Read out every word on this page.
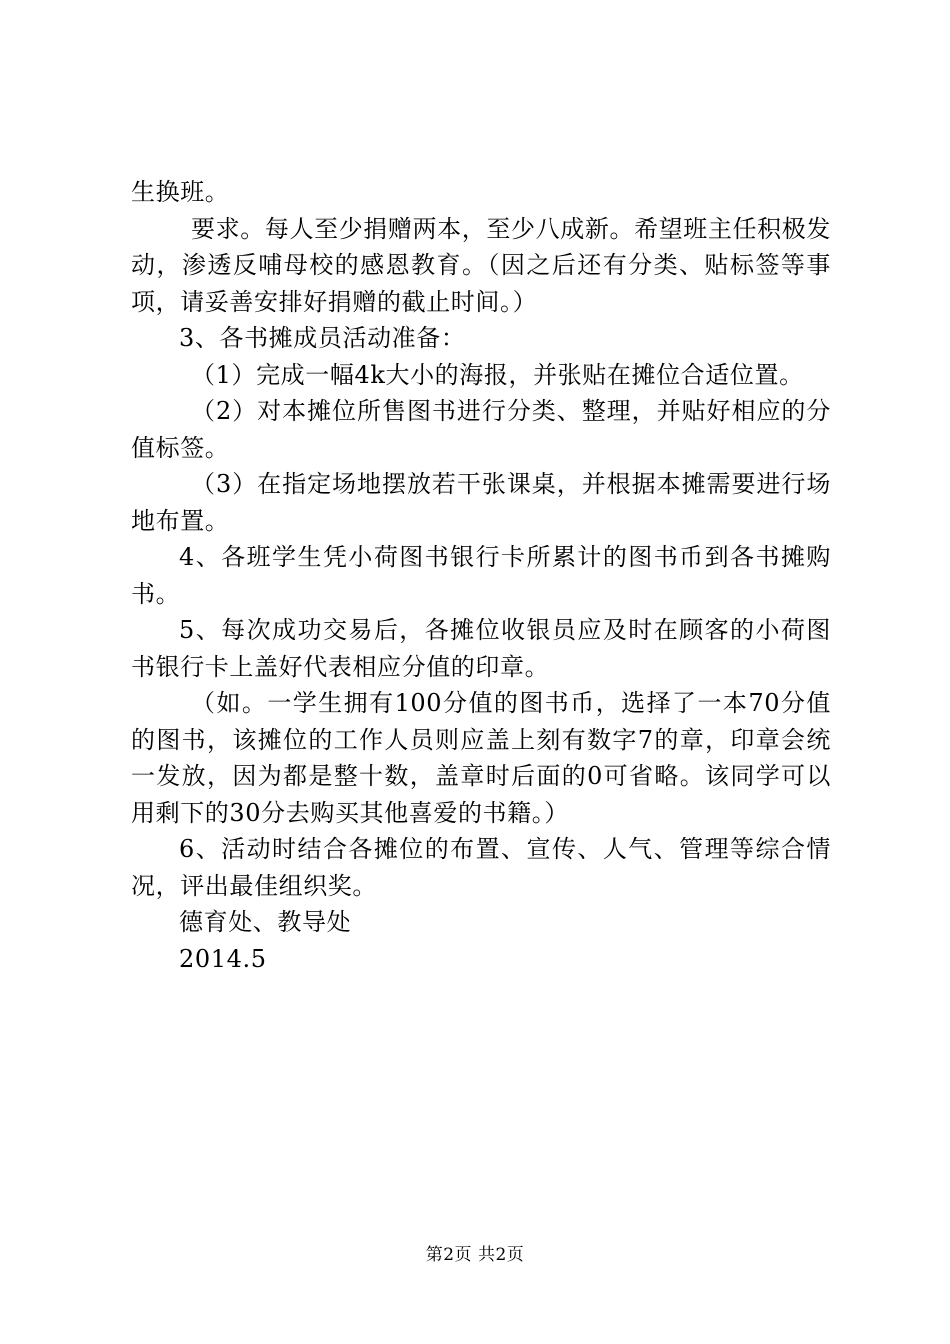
生换班。

要求。每人至少捐赠两本，至少八成新。希望班主任积极发动，渗透反哺母校的感恩教育。（因之后还有分类、贴标签等事项，请妥善安排好捐赠的截止时间。）

3、各书摊成员活动准备：

（1）完成一幅4k大小的海报，并张贴在摊位合适位置。

（2）对本摊位所售图书进行分类、整理，并贴好相应的分值标签。

（3）在指定场地摆放若干张课桌，并根据本摊需要进行场地布置。

4、各班学生凭小荷图书银行卡所累计的图书币到各书摊购书。

5、每次成功交易后，各摊位收银员应及时在顾客的小荷图书银行卡上盖好代表相应分值的印章。

（如。一学生拥有100分值的图书币，选择了一本70分值的图书，该摊位的工作人员则应盖上刻有数字7的章，印章会统一发放，因为都是整十数，盖章时后面的0可省略。该同学可以用剩下的30分去购买其他喜爱的书籍。）

6、活动时结合各摊位的布置、宣传、人气、管理等综合情况，评出最佳组织奖。

德育处、教导处

2014.5

第2页 共2页
